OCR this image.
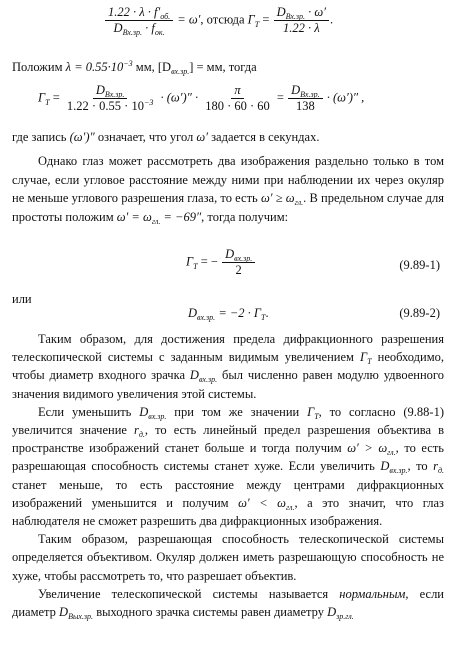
$\frac{1.22 \cdot \lambda \cdot f'_{об.}}{D_{Вх.зр.} \cdot f_{ок.}} = \omega'$, отсюда $\Gamma_T = \frac{D_{Вх.зр.} \cdot \omega'}{1.22 \cdot \lambda}$ .
Положим $\lambda = 0.55\cdot 10^{-3}$ мм, $[D_{вх.зр.}]$ = мм, тогда
$\Gamma_T = \frac{D_{Вх.зр.}}{1.22 \cdot 0.55 \cdot 10^{-3}} \cdot (\omega')'' \cdot \frac{\pi}{180 \cdot 60 \cdot 60} = \frac{D_{Вх.зр.}}{138} \cdot (\omega')''$ ,
где запись (ω′)″ означает, что угол ω′ задается в секундах.
Однако глаз может рассмотреть два изображения раздельно только в том случае, если угловое расстояние между ними при наблюдении их через окуляр не меньше углового разрешения глаза, то есть $\omega' \ge \omega_{гл.}$. В предельном случае для простоты положим $\omega' = \omega_{гл.} = -69''$, тогда получим:
$\Gamma_T$ = − $\frac{D_{вх.зр.}}{2}$	(9.89-1)
или
$D_{вх.зр.} = -2 \cdot \Gamma_T$.	(9.89-2)

Таким образом, для достижения предела дифракционного разрешения телескопической системы с заданным видимым увеличением $\Gamma_T$ необходимо, чтобы диаметр входного зрачка $D_{вх.зр.}$ был численно равен модулю удвоенного значения видимого увеличения этой системы.

Если уменьшить $D_{вх.зр.}$ при том же значении $\Gamma_T$, то согласно (9.88-1) увеличится значение $r_{д.}$, то есть линейный предел разрешения объектива в пространстве изображений станет больше и тогда получим $\omega' > \omega_{гл.}$, то есть разрешающая способность системы станет хуже. Если увеличить $D_{вх.зр.}$, то $r_{д.}$ станет меньше, то есть расстояние между центрами дифракционных изображений уменьшится и получим $\omega' < \omega_{гл.}$, а это значит, что глаз наблюдателя не сможет разрешить два дифракционных изображения.

Таким образом, разрешающая способность телескопической системы определяется объективом. Окуляр должен иметь разрешающую способность не хуже, чтобы рассмотреть то, что разрешает объектив.

Увеличение телескопической системы называется нормальным, если диаметр $D_{Вых.зр.}$ выходного зрачка системы равен диаметру $D_{зр.гл.}$
